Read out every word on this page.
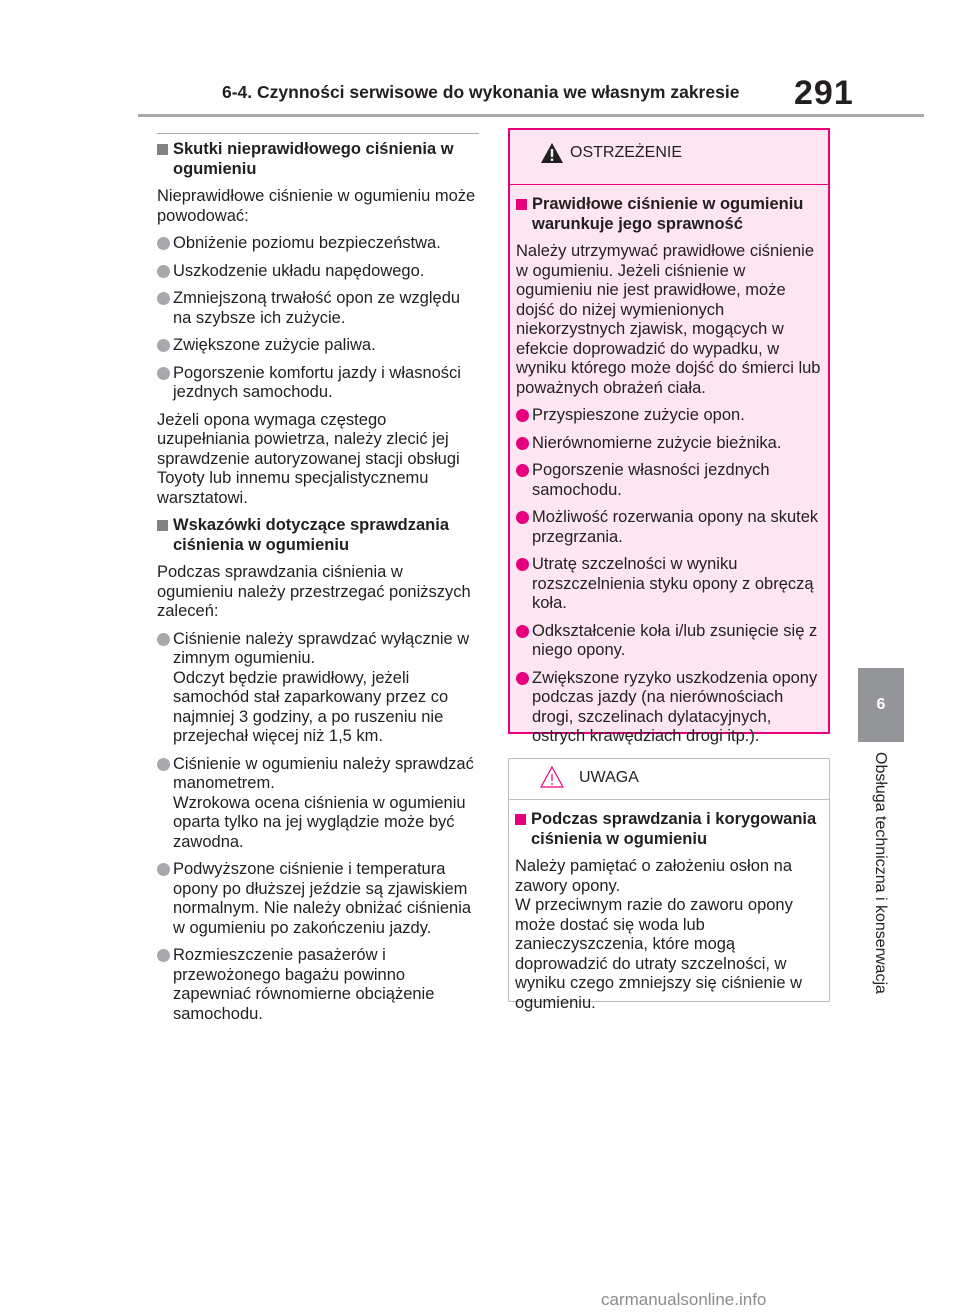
6-4. Czynności serwisowe do wykonania we własnym zakresie	291
6
Obsługa techniczna i konserwacja
Skutki nieprawidłowego ciśnienia w ogumieniu
Nieprawidłowe ciśnienie w ogumieniu może powodować:
Obniżenie poziomu bezpieczeństwa.
Uszkodzenie układu napędowego.
Zmniejszoną trwałość opon ze względu na szybsze ich zużycie.
Zwiększone zużycie paliwa.
Pogorszenie komfortu jazdy i własności jezdnych samochodu.
Jeżeli opona wymaga częstego uzupełniania powietrza, należy zlecić jej sprawdzenie autoryzowanej stacji obsługi Toyoty lub innemu specjalistycznemu warsztatowi.
Wskazówki dotyczące sprawdzania ciśnienia w ogumieniu
Podczas sprawdzania ciśnienia w ogumieniu należy przestrzegać poniższych zaleceń:
Ciśnienie należy sprawdzać wyłącznie w zimnym ogumieniu.
Odczyt będzie prawidłowy, jeżeli samochód stał zaparkowany przez co najmniej 3 godziny, a po ruszeniu nie przejechał więcej niż 1,5 km.
Ciśnienie w ogumieniu należy sprawdzać manometrem.
Wzrokowa ocena ciśnienia w ogumieniu oparta tylko na jej wyglądzie może być zawodna.
Podwyższone ciśnienie i temperatura opony po dłuższej jeździe są zjawiskiem normalnym. Nie należy obniżać ciśnienia w ogumieniu po zakończeniu jazdy.
Rozmieszczenie pasażerów i przewożonego bagażu powinno zapewniać równomierne obciążenie samochodu.
OSTRZEŻENIE
Prawidłowe ciśnienie w ogumieniu warunkuje jego sprawność
Należy utrzymywać prawidłowe ciśnienie w ogumieniu. Jeżeli ciśnienie w ogumieniu nie jest prawidłowe, może dojść do niżej wymienionych niekorzystnych zjawisk, mogących w efekcie doprowadzić do wypadku, w wyniku którego może dojść do śmierci lub poważnych obrażeń ciała.
Przyspieszone zużycie opon.
Nierównomierne zużycie bieżnika.
Pogorszenie własności jezdnych samochodu.
Możliwość rozerwania opony na skutek przegrzania.
Utratę szczelności w wyniku rozszczelnienia styku opony z obręczą koła.
Odkształcenie koła i/lub zsunięcie się z niego opony.
Zwiększone ryzyko uszkodzenia opony podczas jazdy (na nierównościach drogi, szczelinach dylatacyjnych, ostrych krawędziach drogi itp.).
UWAGA
Podczas sprawdzania i korygowania ciśnienia w ogumieniu
Należy pamiętać o założeniu osłon na zawory opony.
W przeciwnym razie do zaworu opony może dostać się woda lub zanieczyszczenia, które mogą doprowadzić do utraty szczelności, w wyniku czego zmniejszy się ciśnienie w ogumieniu.
carmanualsonline.info
